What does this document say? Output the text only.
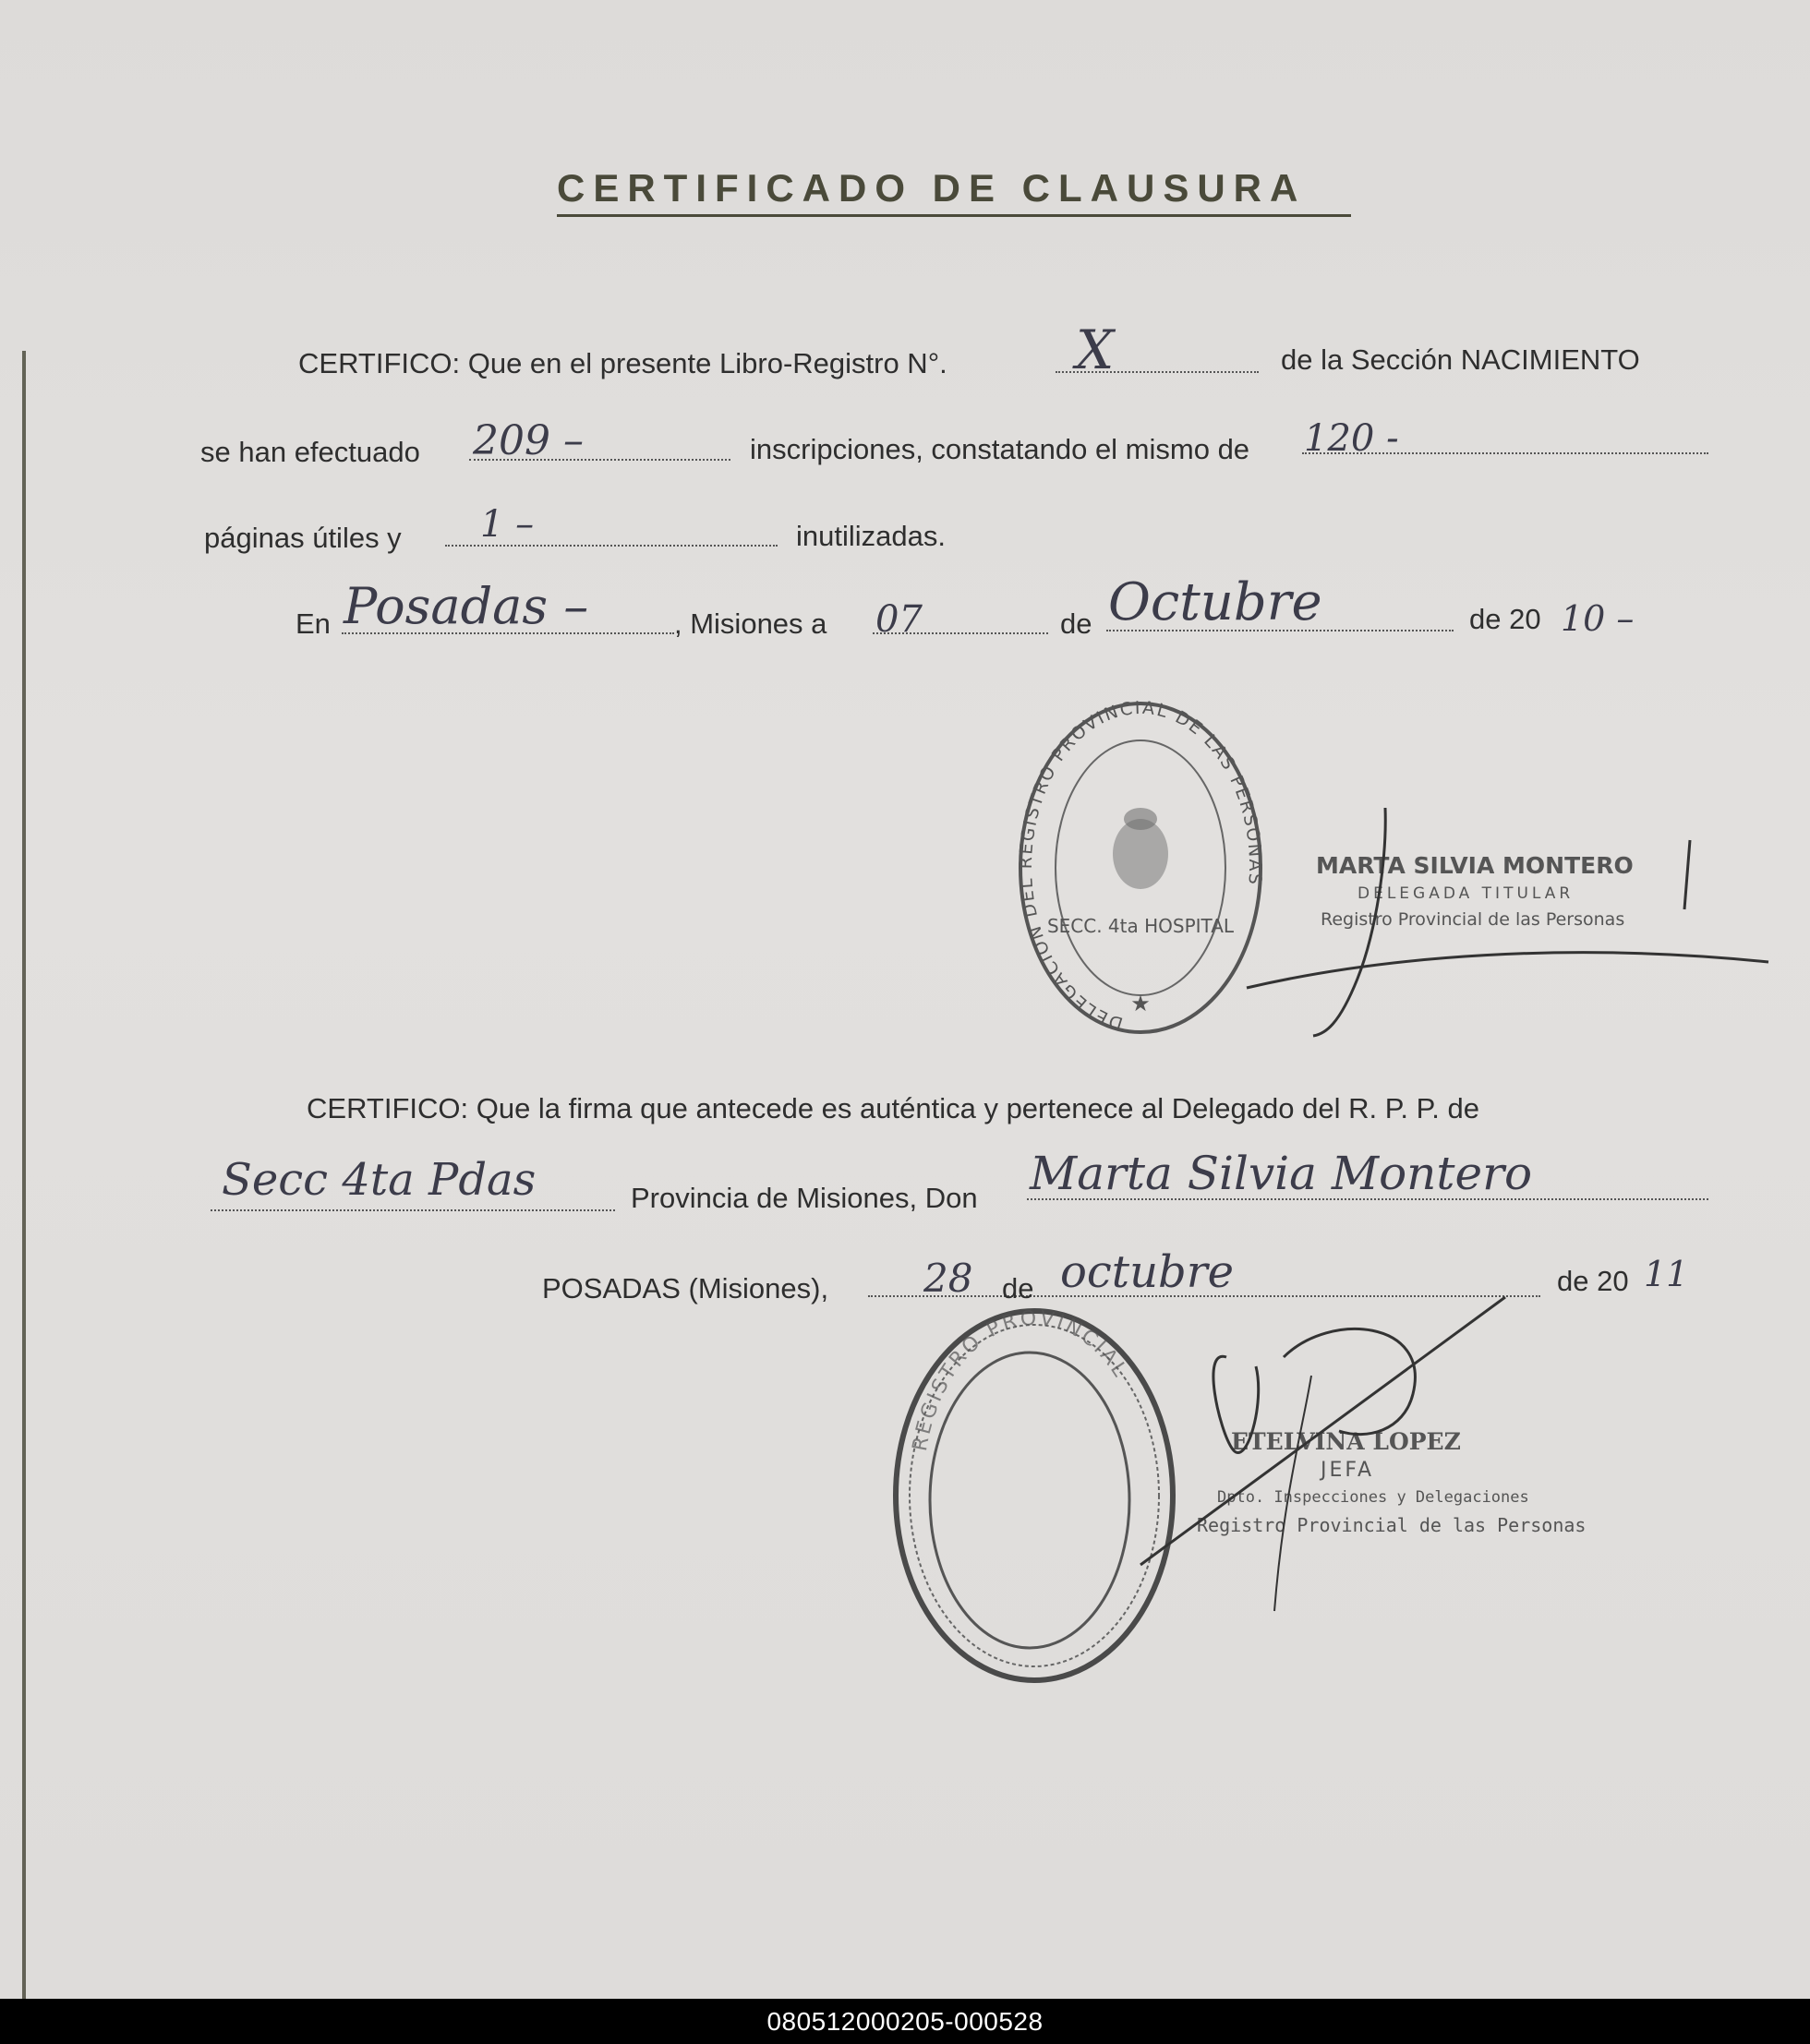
CERTIFICADO DE CLAUSURA
CERTIFICO: Que en el presente Libro-Registro N°. X	de la Sección NACIMIENTO
se han efectuado 209 –	inscripciones, constatando el mismo de 120 -
páginas útiles y 1 –	inutilizadas.
En Posadas –	, Misiones a 07	de Octubre	de 20 10 –
DELEGACION DEL REGISTRO PROVINCIAL DE LAS PERSONAS
SECC. 4ta HOSPITAL
★
MARTA SILVIA MONTERO
DELEGADA TITULAR
Registro Provincial de las Personas
CERTIFICO: Que la firma que antecede es auténtica y pertenece al Delegado del R. P. P. de
Secc 4ta Pdas	Provincia de Misiones, Don Marta Silvia Montero
POSADAS (Misiones), 28 de octubre	de 20 11
REGISTRO PROVINCIAL
ETELVINA LOPEZ
JEFA
Dpto. Inspecciones y Delegaciones
Registro Provincial de las Personas
080512000205-000528
